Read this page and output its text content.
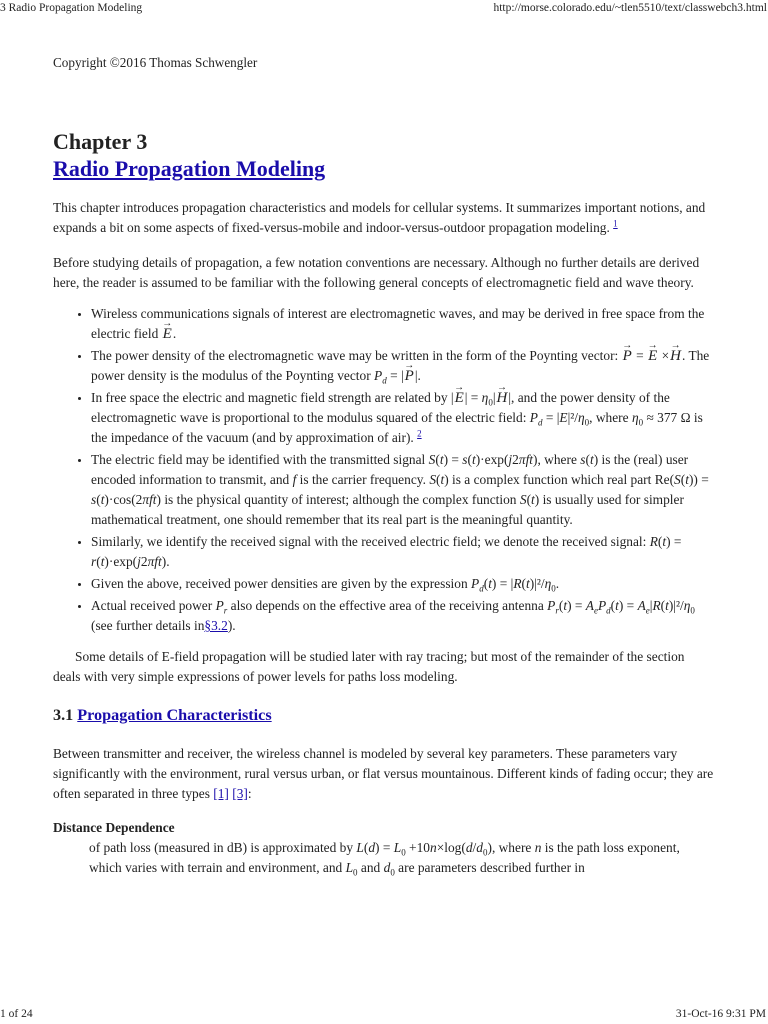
3 Radio Propagation Modeling	http://morse.colorado.edu/~tlen5510/text/classwebch3.html

Copyright ©2016 Thomas Schwengler

Chapter 3
Radio Propagation Modeling

This chapter introduces propagation characteristics and models for cellular systems. It summarizes important notions, and expands a bit on some aspects of fixed-versus-mobile and indoor-versus-outdoor propagation modeling. $^1$

Before studying details of propagation, a few notation conventions are necessary. Although no further details are derived here, the reader is assumed to be familiar with the following general concepts of electromagnetic field and wave theory.

• Wireless communications signals of interest are electromagnetic waves, and may be derived in free space from the electric field → E.
• The power density of the electromagnetic wave may be written in the form of the Poynting vector: → P = → E ×→ H. The power density is the modulus of the Poynting vector $P_d$ = |→ P|.
• In free space the electric and magnetic field strength are related by |→ $E| = \eta_0|\to H|$, and the power density of the electromagnetic wave is proportional to the modulus squared of the electric field: $P_d = |E|^2/\eta_0$, where $\eta_0 \approx 377$ Ω is the impedance of the vacuum (and by approximation of air). $^2$
• The electric field may be identified with the transmitted signal S(t) = s(t)·exp(j2πft), where s(t) is the (real) user encoded information to transmit, and f is the carrier frequency. S(t) is a complex function which real part Re(S(t)) = s(t)·cos(2πft) is the physical quantity of interest; although the complex function S(t) is usually used for simpler mathematical treatment, one should remember that its real part is the meaningful quantity.
• Similarly, we identify the received signal with the received electric field; we denote the received signal: R(t) = r(t)·exp(j2πft).
• Given the above, received power densities are given by the expression $P_d(t) = |R(t)|^2/\eta_0$.
• Actual received power $P_r$ also depends on the effective area of the receiving antenna $P_r(t) = A_eP_d(t) = A_e|R(t)|^2/\eta_0$ (see further details in§3.2).

Some details of E-field propagation will be studied later with ray tracing; but most of the remainder of the section deals with very simple expressions of power levels for paths loss modeling.

3.1 Propagation Characteristics

Between transmitter and receiver, the wireless channel is modeled by several key parameters. These parameters vary significantly with the environment, rural versus urban, or flat versus mountainous. Different kinds of fading occur; they are often separated in three types [1] [3]:

Distance Dependence

of path loss (measured in dB) is approximated by $L(d) = L_0 +10n\times\log(d/d_0)$, where n is the path loss exponent, which varies with terrain and environment, and $L_0$ and $d_0$ are parameters described further in

1 of 24	31-Oct-16 9:31 PM
